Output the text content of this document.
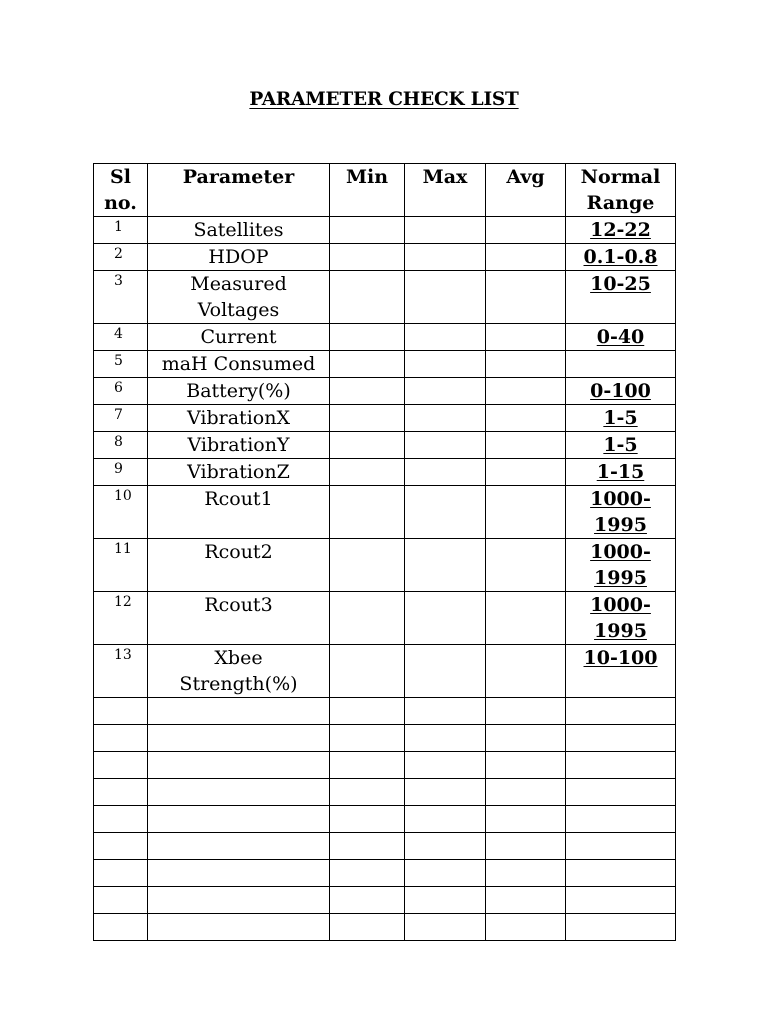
PARAMETER CHECK LIST
Sl
no.	Parameter	Min	Max	Avg	Normal
Range

1	Satellites				12-22

2	HDOP				0.1-0.8

3	Measured
Voltages				10-25

4	Current				0-40

5	maH Consumed				

6	Battery(%)				0-100

7	VibrationX				1-5

8	VibrationY				1-5

9	VibrationZ				1-15

10	Rcout1				1000-
1995

11	Rcout2				1000-
1995

12	Rcout3				1000-
1995

13	Xbee
Strength(%)				10-100
